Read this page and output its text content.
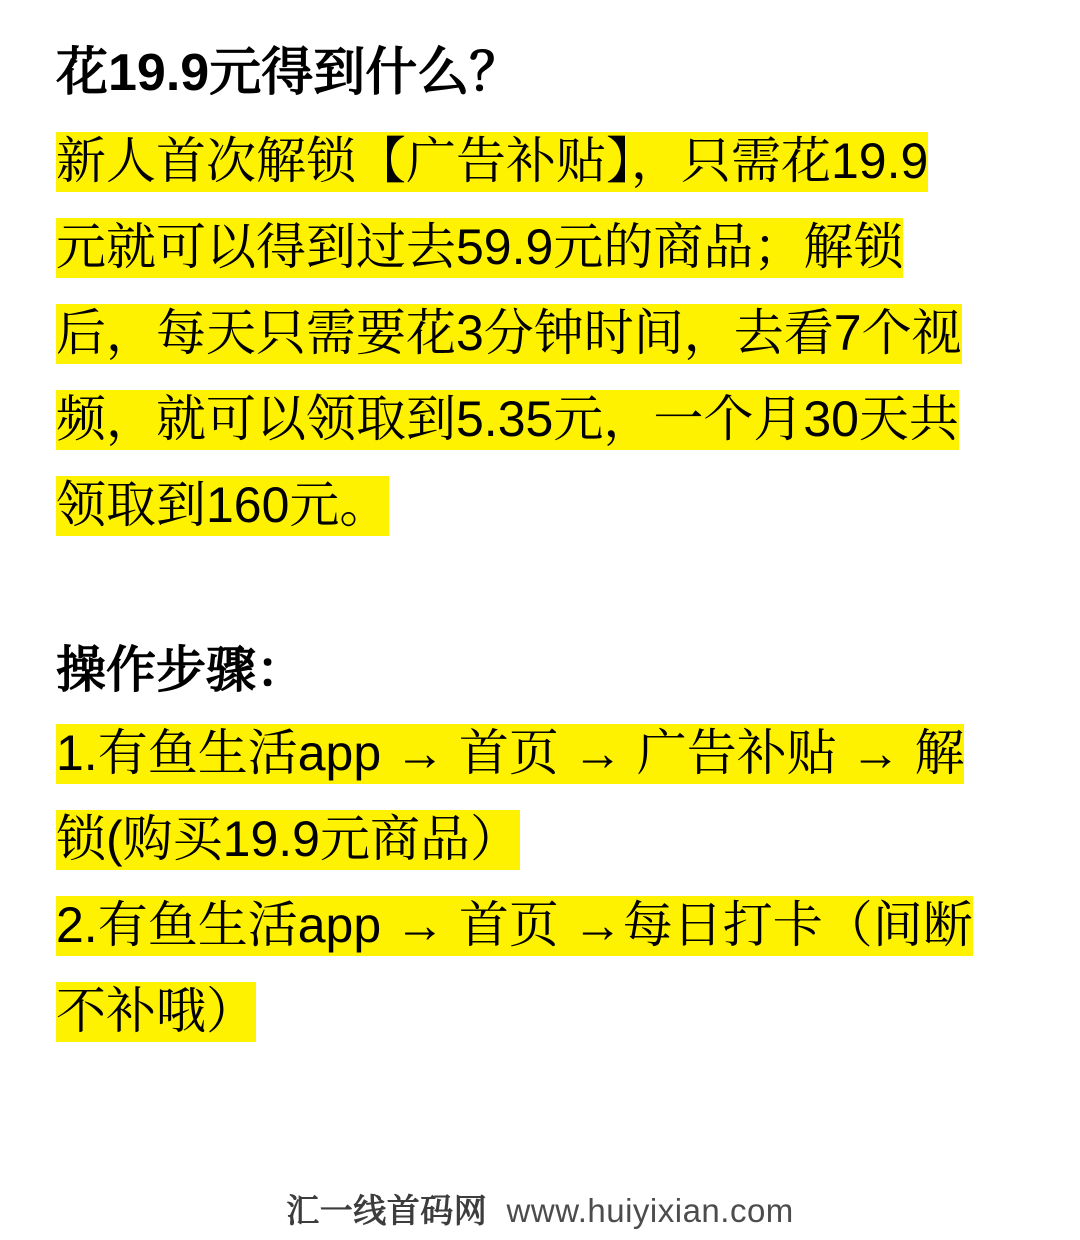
花19.9元得到什么？

新人首次解锁【广告补贴】，只需花19.9元就可以得到过去59.9元的商品；解锁后，每天只需要花3分钟时间，去看7个视频，就可以领取到5.35元，一个月30天共领取到160元。

操作步骤：

1.有鱼生活app → 首页 → 广告补贴 → 解锁(购买19.9元商品）

2.有鱼生活app → 首页 →每日打卡（间断不补哦）

汇一线首码网 www.huiyixian.com
